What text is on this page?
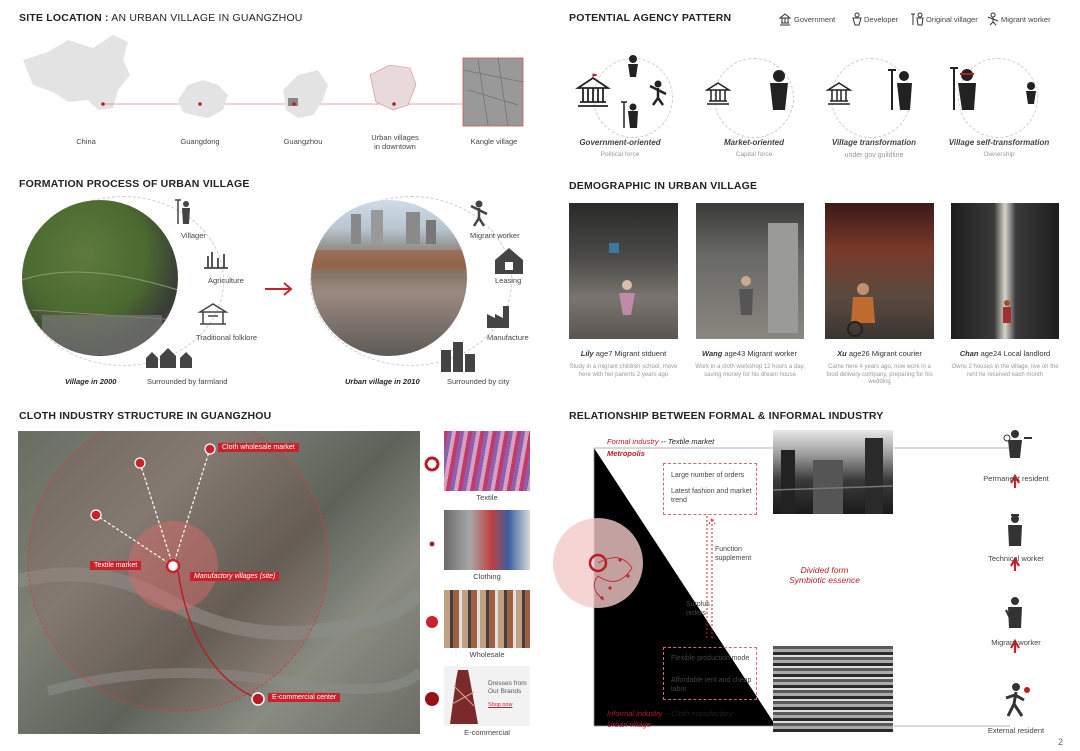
SITE LOCATION : AN URBAN VILLAGE IN GUANGZHOU
China	Guangdong	Guangzhou	Urban villages
in downtown
Kangle village
POTENTIAL AGENCY PATTERN	Government	Developer	Original villager	Migrant worker
Government-oriented
Political force
Market-oriented
Capital force
Village transformation
under gov guildline
Village self-transformation
Ownership
FORMATION PROCESS OF URBAN VILLAGE
Villager
Agriculture
Traditional folklore
Surrounded by farmland
Village in 2000
Migrant worker
Leasing
Manufacture
Surrounded by city
Urban village in 2010
DEMOGRAPHIC IN URBAN VILLAGE
Lily age7 Migrant stduent
Study in a migrant children school, move here with her parents 2 years ago
Wang age43 Migrant worker
Work in a cloth workshop 12 hours a day, saving money for his dream house
Xu age26 Migrant courier
Came here 4 years ago, now work in a food delivery company, preparing for his wedding
Chan age24 Local landlord
Owns 2 houses in the village, live on the rent he received each month
CLOTH INDUSTRY STRUCTURE IN GUANGZHOU
Cloth wholesale market
Textile market
Manufactory villages (site)
E-commercial center
Textile
Clothing
Wholesale
Dresses from Our Brands
Shop now
E-commercial
RELATIONSHIP BETWEEN FORMAL & INFORMAL INDUSTRY
Formal industry -- Textile market
Metropolis
Large number of orders
Latest fashion and market trend
Function supplement
Surplus orders
Divided form
Symbiotic essence
Flexible production mode
Affordable rent and cheap labor
Informal industry -- Cloth manufactory
Urban village
Permanent resident
Technical worker
Migrant worker
External resident
2
